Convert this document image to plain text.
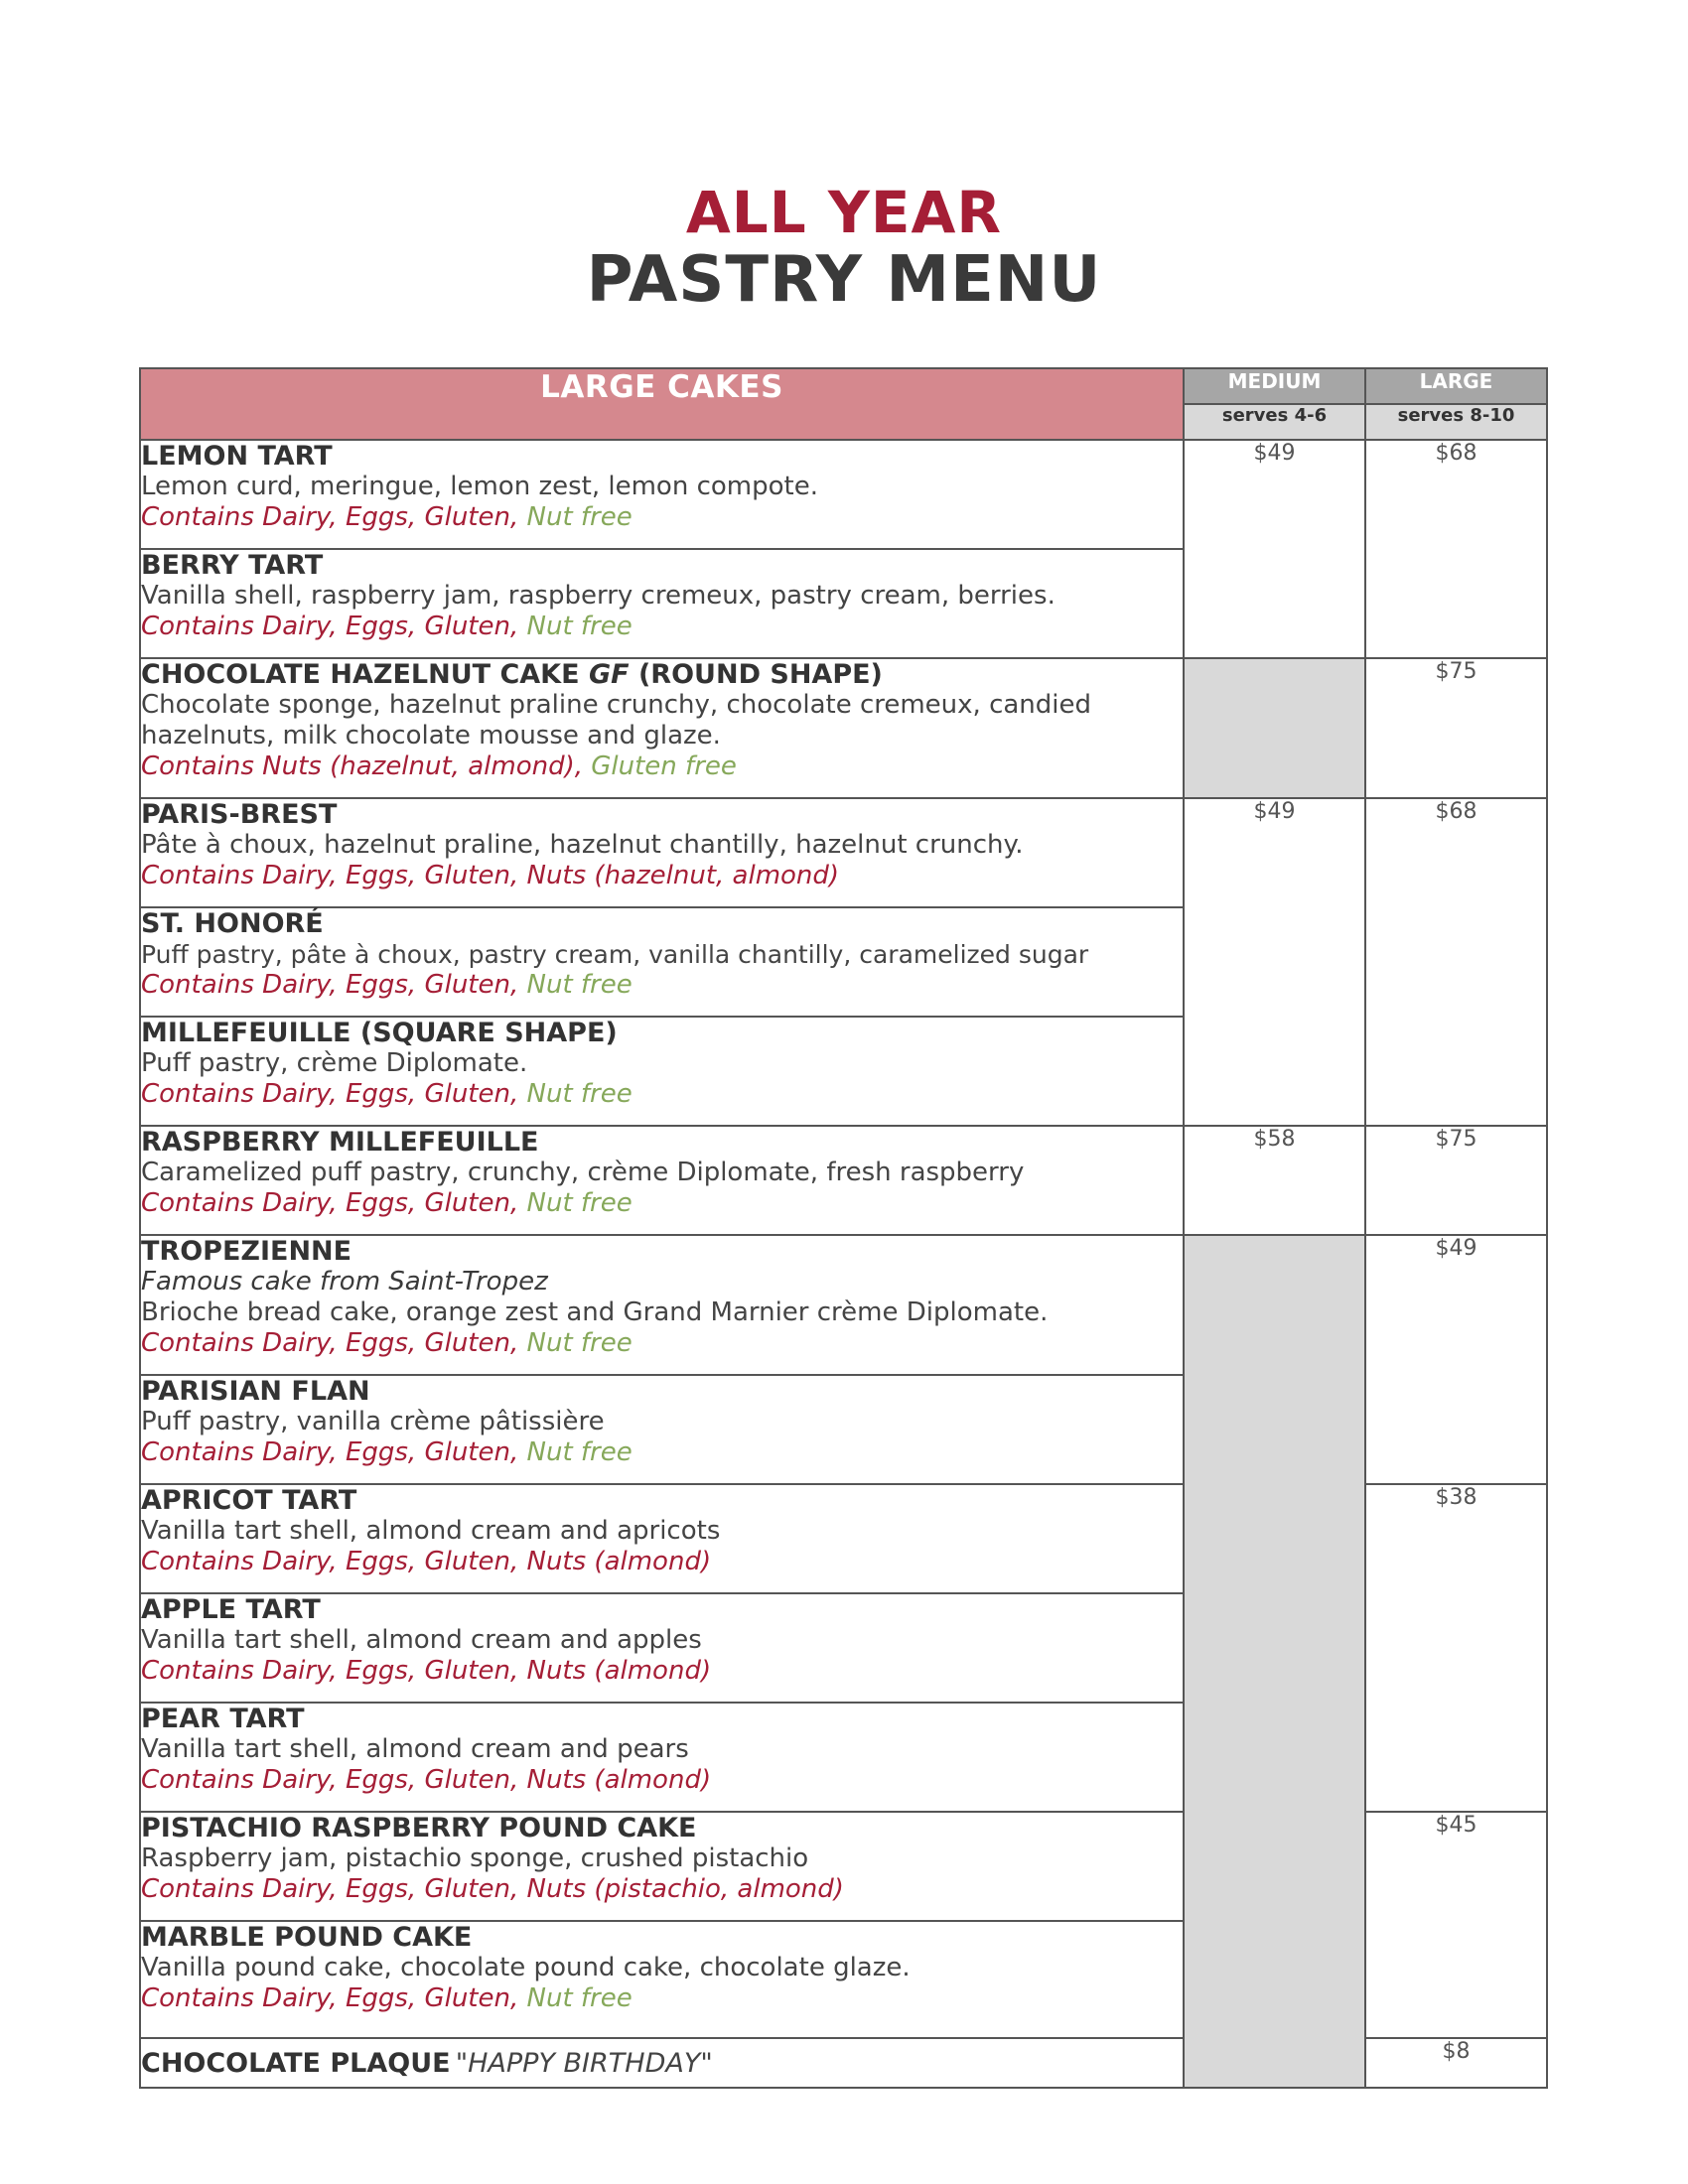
ALL YEAR
PASTRY MENU
LARGE CAKES	MEDIUM	LARGE
	serves 4-6	serves 8-10

LEMON TART
Lemon curd, meringue, lemon zest, lemon compote.
Contains Dairy, Eggs, Gluten, Nut free	$49	$68

BERRY TART
Vanilla shell, raspberry jam, raspberry cremeux, pastry cream, berries.
Contains Dairy, Eggs, Gluten, Nut free		

CHOCOLATE HAZELNUT CAKE GF (ROUND SHAPE)
Chocolate sponge, hazelnut praline crunchy, chocolate cremeux, candied hazelnuts, milk chocolate mousse and glaze.
Contains Nuts (hazelnut, almond), Gluten free		$75

PARIS-BREST
Pâte à choux, hazelnut praline, hazelnut chantilly, hazelnut crunchy.
Contains Dairy, Eggs, Gluten, Nuts (hazelnut, almond)	$49	$68

ST. HONORÉ
Puff pastry, pâte à choux, pastry cream, vanilla chantilly, caramelized sugar
Contains Dairy, Eggs, Gluten, Nut free		

MILLEFEUILLE (SQUARE SHAPE)
Puff pastry, crème Diplomate.
Contains Dairy, Eggs, Gluten, Nut free		

RASPBERRY MILLEFEUILLE
Caramelized puff pastry, crunchy, crème Diplomate, fresh raspberry
Contains Dairy, Eggs, Gluten, Nut free	$58	$75

TROPEZIENNE
Famous cake from Saint-Tropez
Brioche bread cake, orange zest and Grand Marnier crème Diplomate.
Contains Dairy, Eggs, Gluten, Nut free		$49

PARISIAN FLAN
Puff pastry, vanilla crème pâtissière
Contains Dairy, Eggs, Gluten, Nut free		

APRICOT TART
Vanilla tart shell, almond cream and apricots
Contains Dairy, Eggs, Gluten, Nuts (almond)		$38

APPLE TART
Vanilla tart shell, almond cream and apples
Contains Dairy, Eggs, Gluten, Nuts (almond)		

PEAR TART
Vanilla tart shell, almond cream and pears
Contains Dairy, Eggs, Gluten, Nuts (almond)		

PISTACHIO RASPBERRY POUND CAKE
Raspberry jam, pistachio sponge, crushed pistachio
Contains Dairy, Eggs, Gluten, Nuts (pistachio, almond)		$45

MARBLE POUND CAKE
Vanilla pound cake, chocolate pound cake, chocolate glaze.
Contains Dairy, Eggs, Gluten, Nut free		

CHOCOLATE PLAQUE "HAPPY BIRTHDAY"		$8
